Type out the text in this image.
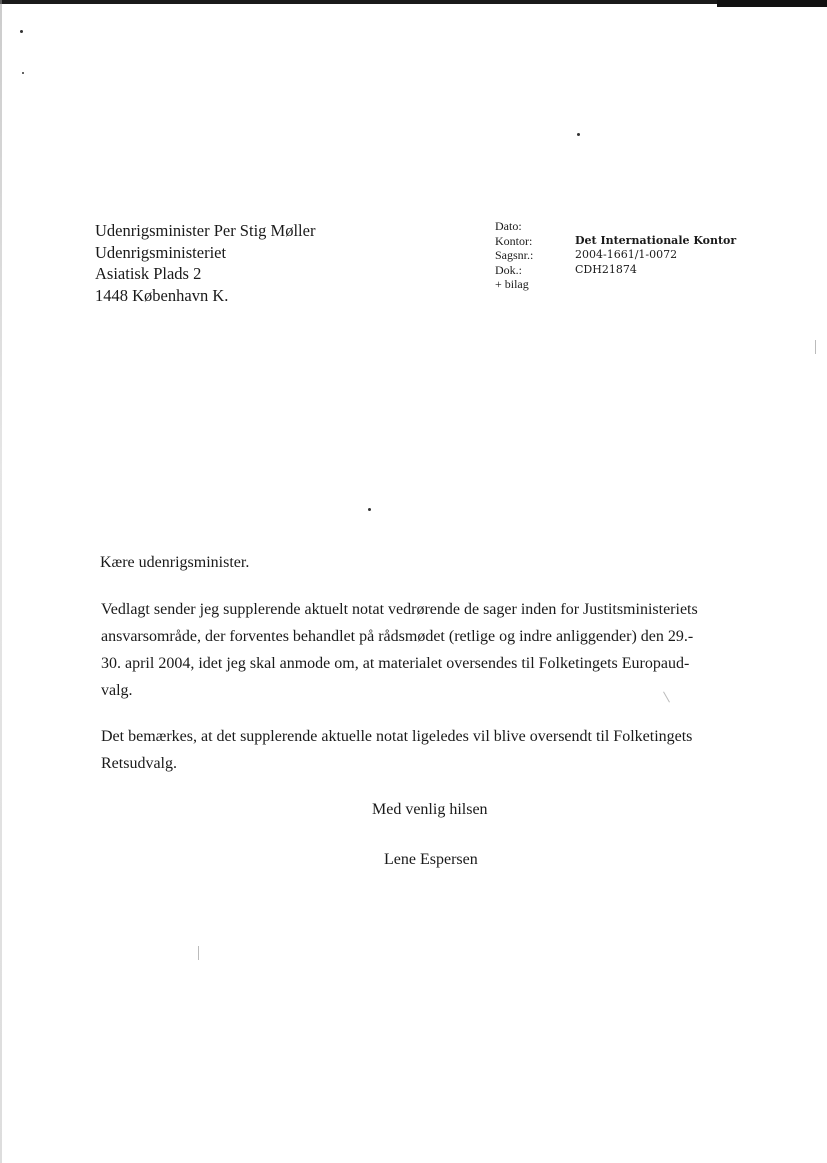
Udenrigsminister Per Stig Møller
Udenrigsministeriet
Asiatisk Plads 2
1448 København K.
Dato:
Kontor:	Det Internationale Kontor
Sagsnr.:	2004-1661/1-0072
Dok.:	CDH21874
+ bilag
Kære udenrigsminister.
Vedlagt sender jeg supplerende aktuelt notat vedrørende de sager inden for Justitsministeriets
ansvarsområde, der forventes behandlet på rådsmødet (retlige og indre anliggender) den 29.-
30. april 2004, idet jeg skal anmode om, at materialet oversendes til Folketingets Europaud-
valg.
Det bemærkes, at det supplerende aktuelle notat ligeledes vil blive oversendt til Folketingets
Retsudvalg.
Med venlig hilsen
Lene Espersen
